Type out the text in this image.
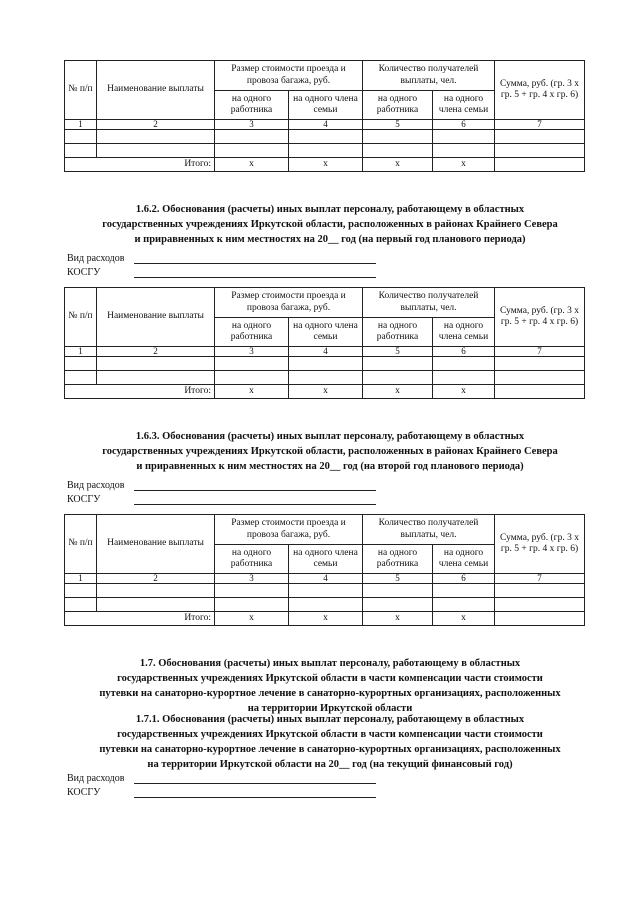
№ п/п	Наименование выплаты	Размер стоимости проезда и провоза багажа, руб.		Количество получателей выплаты, чел.		Сумма, руб. (гр. 3 х гр. 5 + гр. 4 х гр. 6)
		на одного работника	на одного члена семьи	на одного работника	на одного члена семьи	
1	2	3	4	5	6	7

Итого:		х	х	х	х	
1.6.2. Обоснования (расчеты) иных выплат персоналу, работающему в областных
государственных учреждениях Иркутской области, расположенных в районах Крайнего Севера
и приравненных к ним местностях на 20__ год (на первый год планового периода)
Вид расходов
КОСГУ
№ п/п	Наименование выплаты	Размер стоимости проезда и провоза багажа, руб.		Количество получателей выплаты, чел.		Сумма, руб. (гр. 3 х гр. 5 + гр. 4 х гр. 6)
		на одного работника	на одного члена семьи	на одного работника	на одного члена семьи	
1	2	3	4	5	6	7

Итого:		х	х	х	х	
1.6.3. Обоснования (расчеты) иных выплат персоналу, работающему в областных
государственных учреждениях Иркутской области, расположенных в районах Крайнего Севера
и приравненных к ним местностях на 20__ год (на второй год планового периода)
Вид расходов
КОСГУ
№ п/п	Наименование выплаты	Размер стоимости проезда и провоза багажа, руб.		Количество получателей выплаты, чел.		Сумма, руб. (гр. 3 х гр. 5 + гр. 4 х гр. 6)
		на одного работника	на одного члена семьи	на одного работника	на одного члена семьи	
1	2	3	4	5	6	7

Итого:		х	х	х	х	
1.7. Обоснования (расчеты) иных выплат персоналу, работающему в областных
государственных учреждениях Иркутской области в части компенсации части стоимости
путевки на санаторно-курортное лечение в санаторно-курортных организациях, расположенных
на территории Иркутской области
1.7.1. Обоснования (расчеты) иных выплат персоналу, работающему в областных
государственных учреждениях Иркутской области в части компенсации части стоимости
путевки на санаторно-курортное лечение в санаторно-курортных организациях, расположенных
на территории Иркутской области на 20__ год (на текущий финансовый год)
Вид расходов
КОСГУ
